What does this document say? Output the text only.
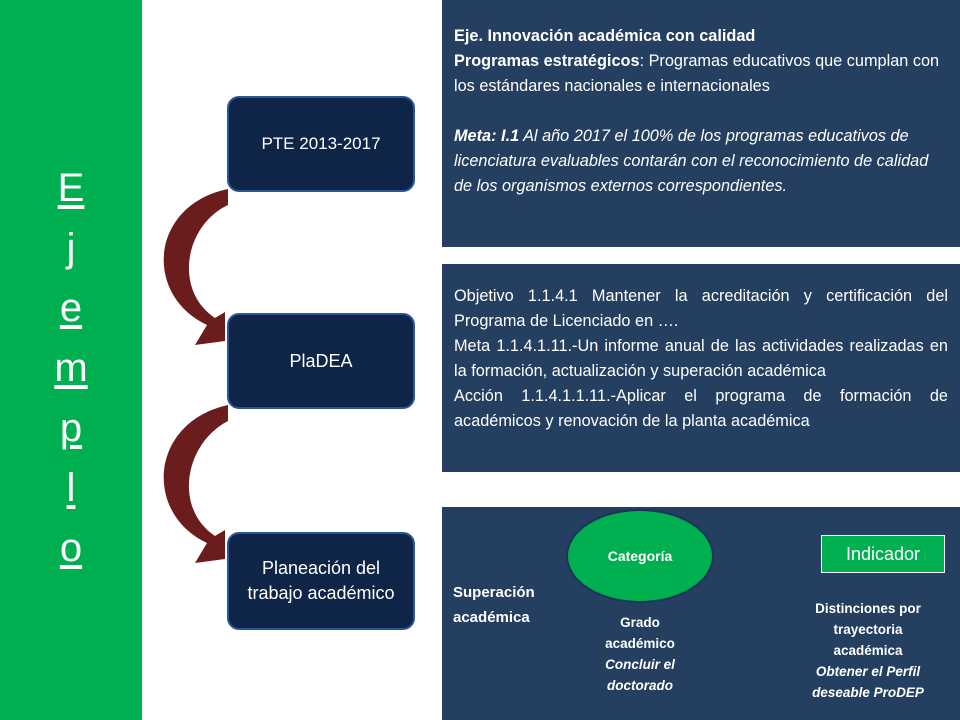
E
j
e
m
p
l
o
PTE 2013-2017
PlaDEA
Planeación del trabajo académico
Eje. Innovación académica con calidad
Programas estratégicos: Programas educativos que cumplan con los estándares nacionales e internacionales
Meta: I.1 Al año 2017 el 100% de los programas educativos de licenciatura evaluables contarán con el reconocimiento de calidad de los organismos externos correspondientes.
Objetivo 1.1.4.1 Mantener la acreditación y certificación del Programa de Licenciado en ….
Meta 1.1.4.1.11.-Un informe anual de las actividades realizadas en la formación, actualización y superación académica
Acción 1.1.4.1.1.11.-Aplicar el programa de formación de académicos y renovación de la planta académica
Categoría	Indicador
Superación
académica	Grado
académico
Concluir el
doctorado
Distinciones por
trayectoria
académica
Obtener el Perfil
deseable ProDEP
